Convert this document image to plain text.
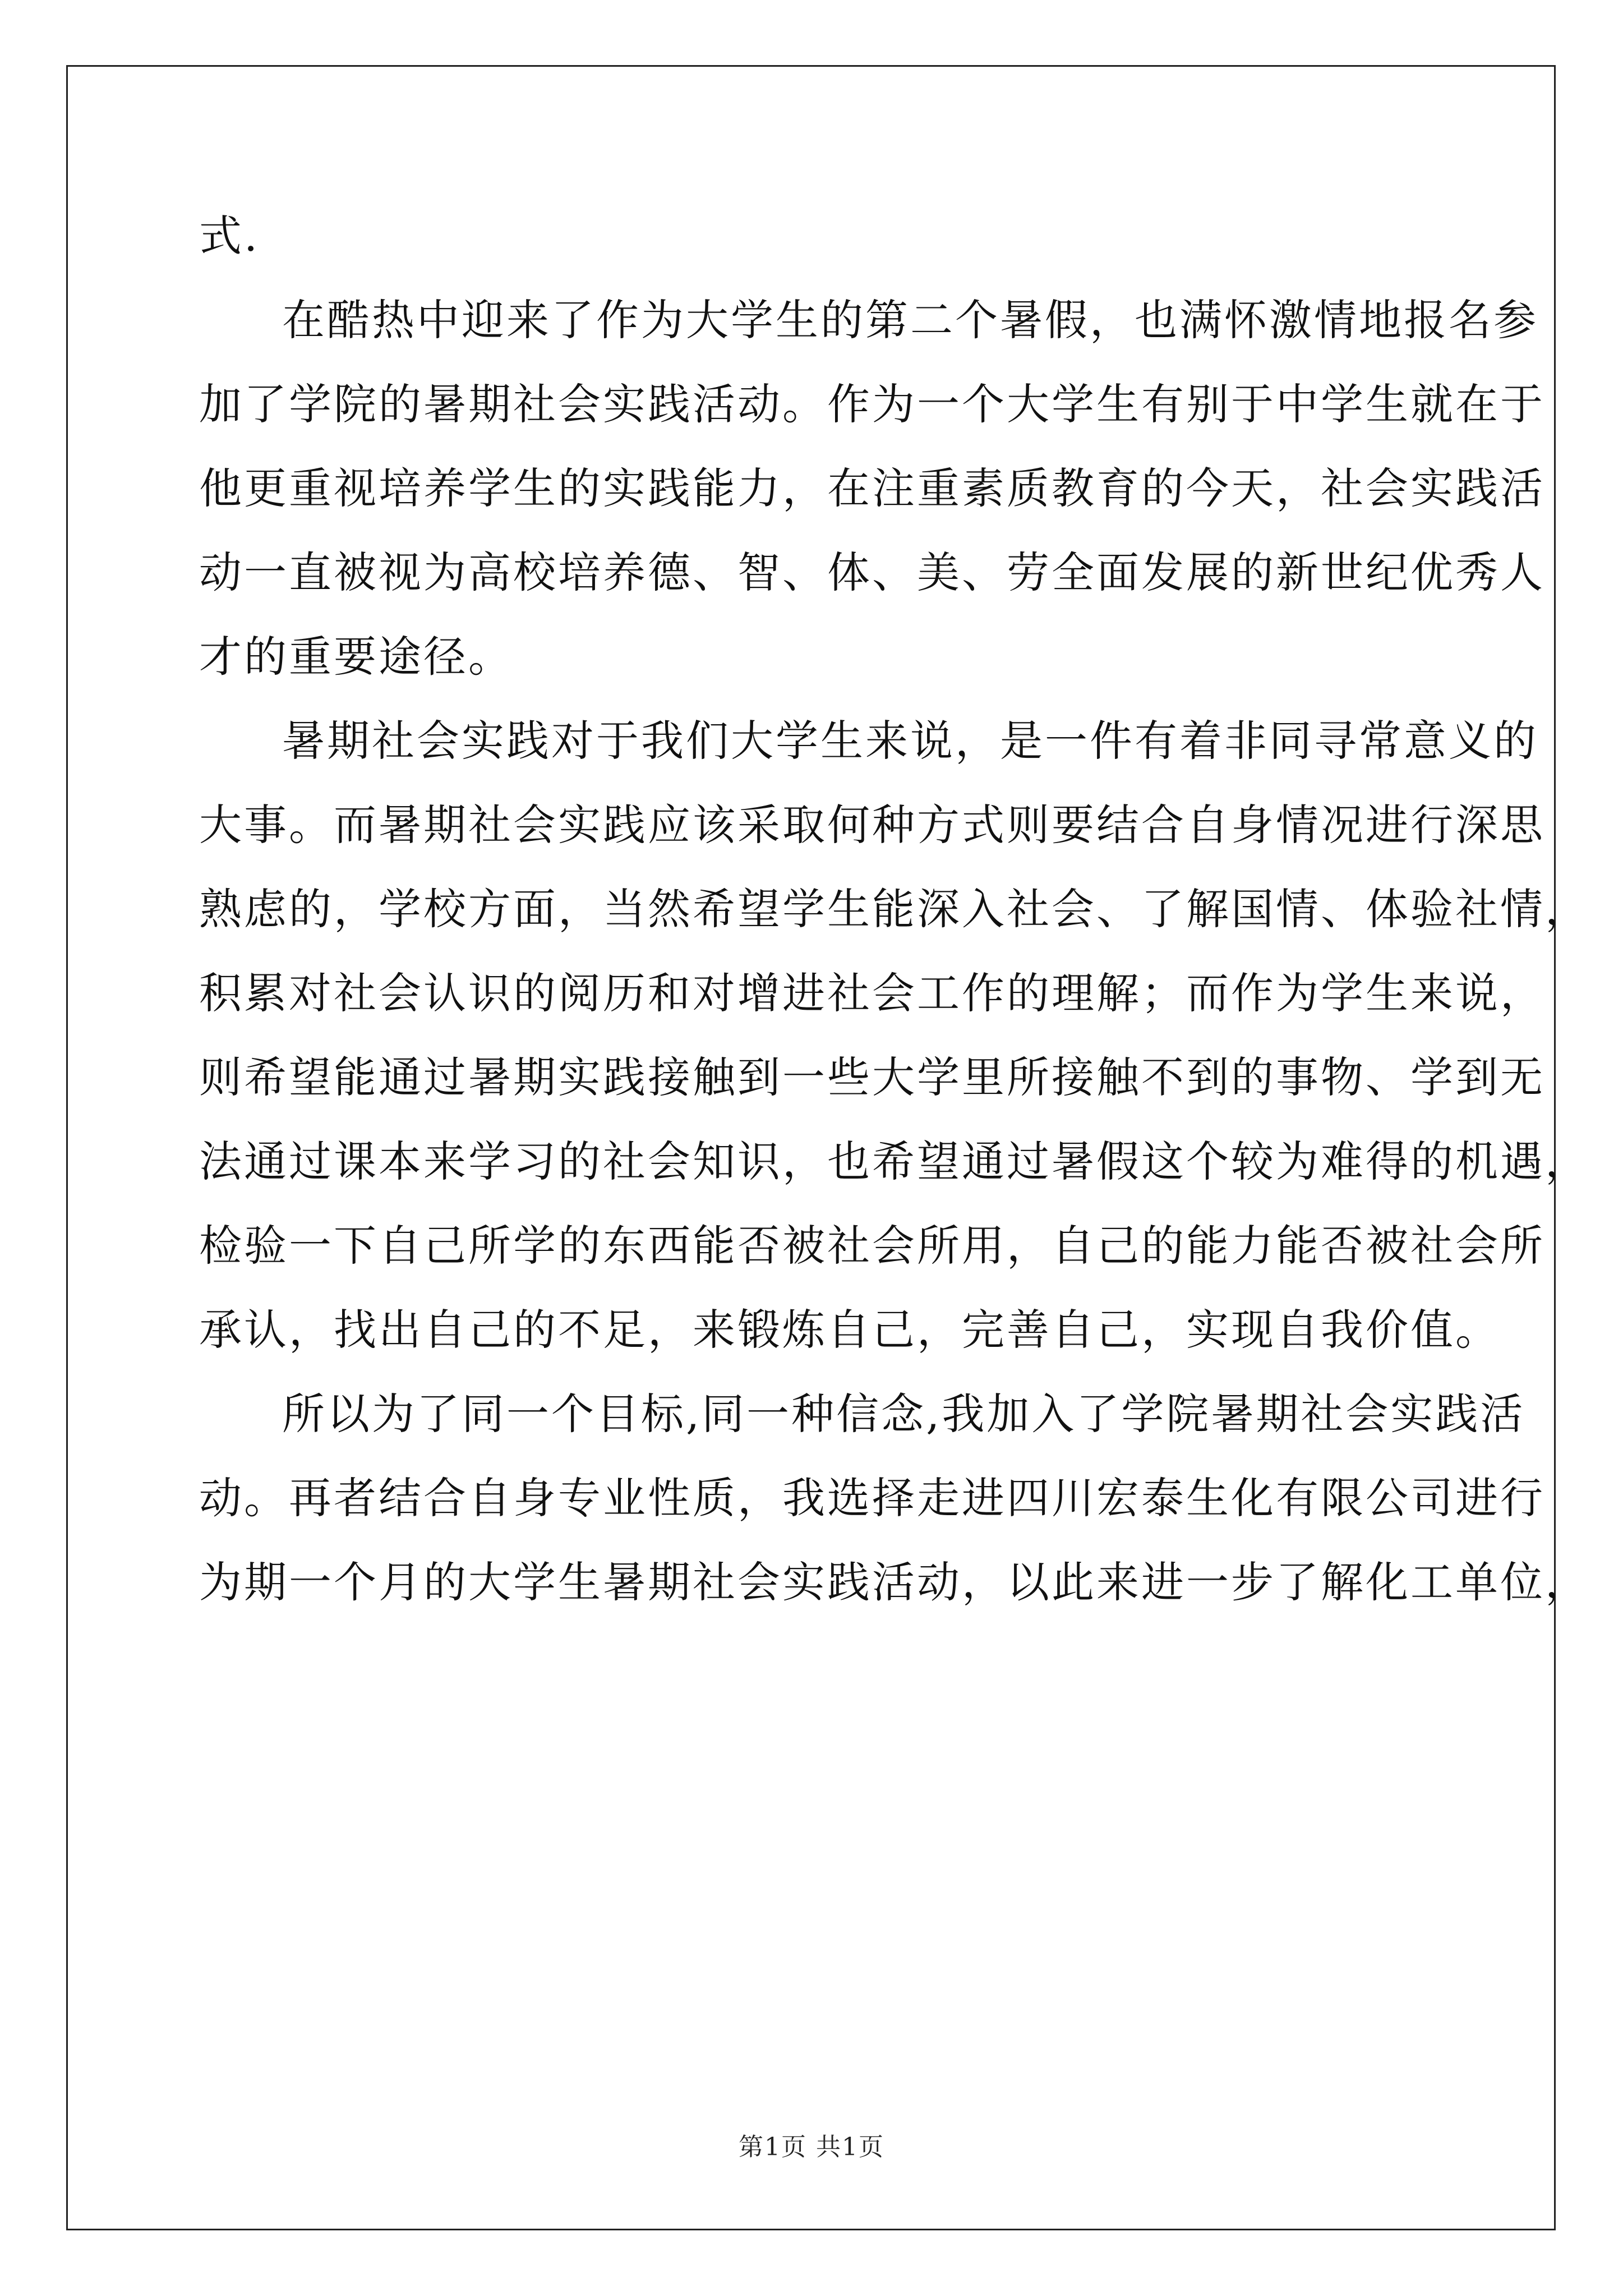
式.
在酷热中迎来了作为大学生的第二个暑假，也满怀激情地报名参
加了学院的暑期社会实践活动。作为一个大学生有别于中学生就在于
他更重视培养学生的实践能力，在注重素质教育的今天，社会实践活
动一直被视为高校培养德、智、体、美、劳全面发展的新世纪优秀人
才的重要途径。
暑期社会实践对于我们大学生来说，是一件有着非同寻常意义的
大事。而暑期社会实践应该采取何种方式则要结合自身情况进行深思
熟虑的，学校方面，当然希望学生能深入社会、了解国情、体验社情，
积累对社会认识的阅历和对增进社会工作的理解；而作为学生来说，
则希望能通过暑期实践接触到一些大学里所接触不到的事物、学到无
法通过课本来学习的社会知识，也希望通过暑假这个较为难得的机遇，
检验一下自己所学的东西能否被社会所用，自己的能力能否被社会所
承认，找出自己的不足，来锻炼自己，完善自己，实现自我价值。
所以为了同一个目标,同一种信念,我加入了学院暑期社会实践活
动。再者结合自身专业性质，我选择走进四川宏泰生化有限公司进行
为期一个月的大学生暑期社会实践活动，以此来进一步了解化工单位，
第1页 共1页
